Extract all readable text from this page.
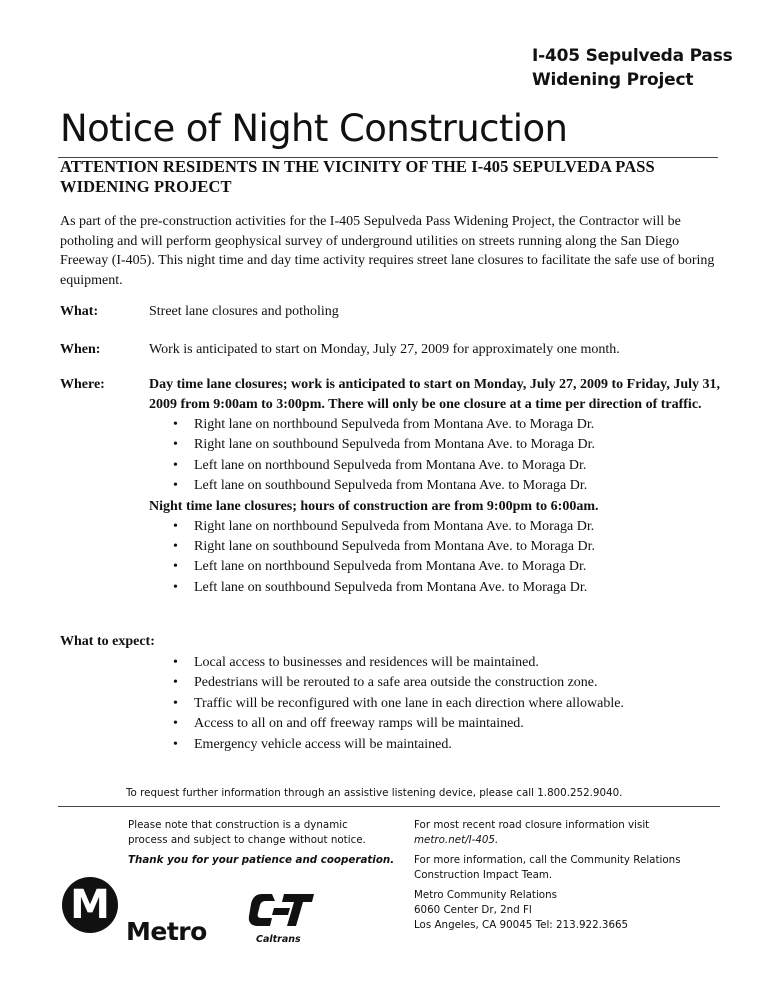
I-405 Sepulveda Pass
Widening Project
Notice of Night Construction
ATTENTION RESIDENTS IN THE VICINITY OF THE I-405 SEPULVEDA PASS WIDENING PROJECT
As part of the pre-construction activities for the I-405 Sepulveda Pass Widening Project, the Contractor will be potholing and will perform geophysical survey of underground utilities on streets running along the San Diego Freeway (I-405). This night time and day time activity requires street lane closures to facilitate the safe use of boring equipment.
What:	Street lane closures and potholing
When:	Work is anticipated to start on Monday, July 27, 2009 for approximately one month.
Where:	Day time lane closures; work is anticipated to start on Monday, July 27, 2009 to Friday, July 31, 2009 from 9:00am to 3:00pm. There will only be one closure at a time per direction of traffic.
• Right lane on northbound Sepulveda from Montana Ave. to Moraga Dr.
• Right lane on southbound Sepulveda from Montana Ave. to Moraga Dr.
• Left lane on northbound Sepulveda from Montana Ave. to Moraga Dr.
• Left lane on southbound Sepulveda from Montana Ave. to Moraga Dr.
Night time lane closures; hours of construction are from 9:00pm to 6:00am.
• Right lane on northbound Sepulveda from Montana Ave. to Moraga Dr.
• Right lane on southbound Sepulveda from Montana Ave. to Moraga Dr.
• Left lane on northbound Sepulveda from Montana Ave. to Moraga Dr.
• Left lane on southbound Sepulveda from Montana Ave. to Moraga Dr.
What to expect:
• Local access to businesses and residences will be maintained.
• Pedestrians will be rerouted to a safe area outside the construction zone.
• Traffic will be reconfigured with one lane in each direction where allowable.
• Access to all on and off freeway ramps will be maintained.
• Emergency vehicle access will be maintained.
To request further information through an assistive listening device, please call 1.800.252.9040.
Please note that construction is a dynamic
process and subject to change without notice.
Thank you for your patience and cooperation.
For most recent road closure information visit
metro.net/I-405.
For more information, call the Community Relations
Construction Impact Team.
Metro Community Relations
6060 Center Dr, 2nd Fl
Los Angeles, CA 90045 Tel: 213.922.3665
M
Metro	Caltrans
